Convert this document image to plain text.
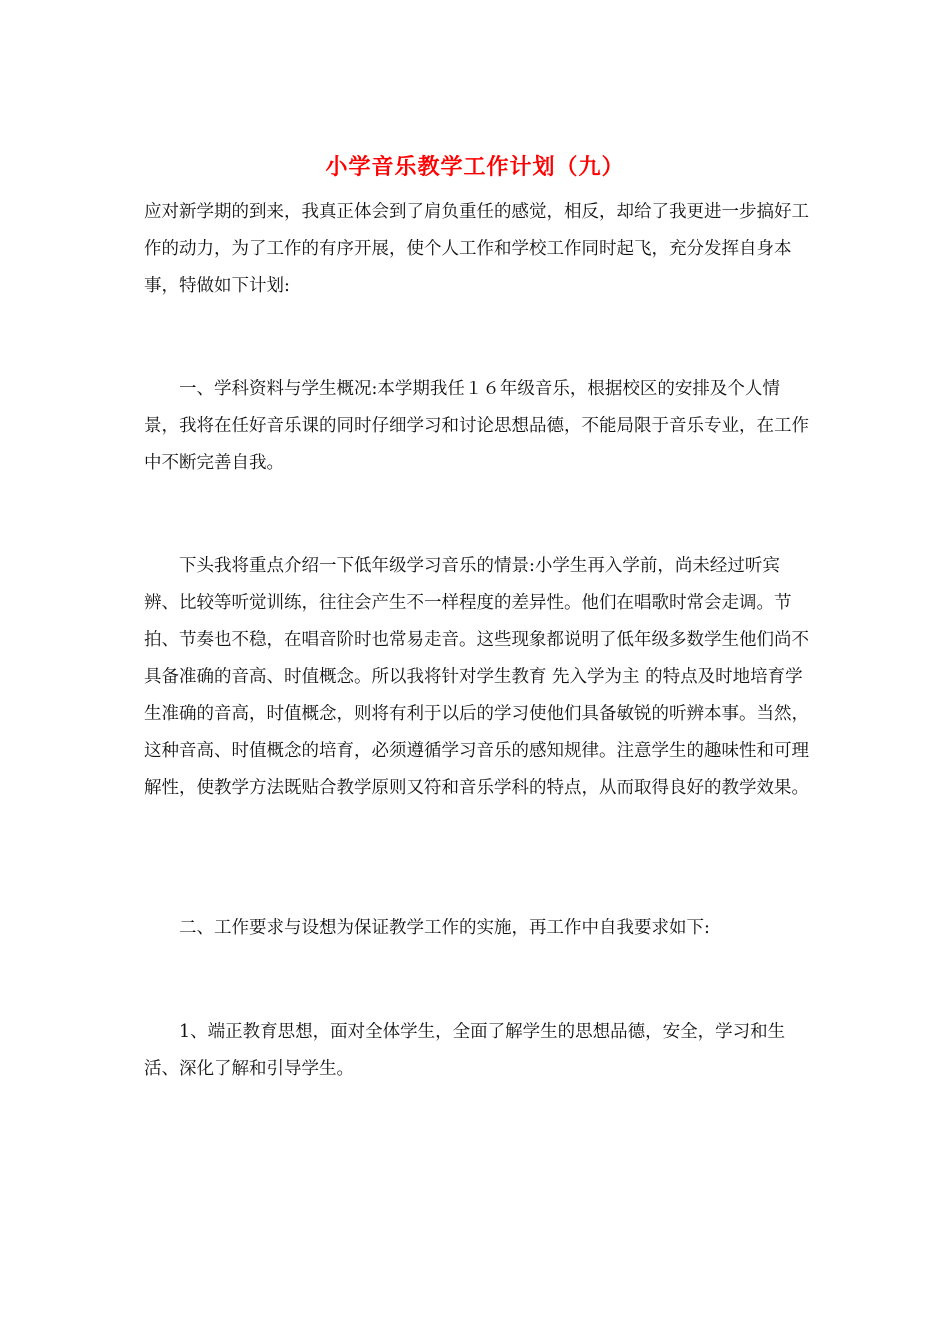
小学音乐教学工作计划（九）

应对新学期的到来，我真正体会到了肩负重任的感觉，相反，却给了我更进一步搞好工作的动力，为了工作的有序开展，使个人工作和学校工作同时起飞，充分发挥自身本事，特做如下计划:

一、学科资料与学生概况:本学期我任１６年级音乐，根据校区的安排及个人情景，我将在任好音乐课的同时仔细学习和讨论思想品德，不能局限于音乐专业，在工作中不断完善自我。

下头我将重点介绍一下低年级学习音乐的情景:小学生再入学前，尚未经过听宾辨、比较等听觉训练，往往会产生不一样程度的差异性。他们在唱歌时常会走调。节拍、节奏也不稳，在唱音阶时也常易走音。这些现象都说明了低年级多数学生他们尚不具备准确的音高、时值概念。所以我将针对学生教育 先入学为主 的特点及时地培育学生准确的音高，时值概念，则将有利于以后的学习使他们具备敏锐的听辨本事。当然，这种音高、时值概念的培育，必须遵循学习音乐的感知规律。注意学生的趣味性和可理解性，使教学方法既贴合教学原则又符和音乐学科的特点，从而取得良好的教学效果。

二、工作要求与设想为保证教学工作的实施，再工作中自我要求如下:

1、端正教育思想，面对全体学生，全面了解学生的思想品德，安全，学习和生活、深化了解和引导学生。
